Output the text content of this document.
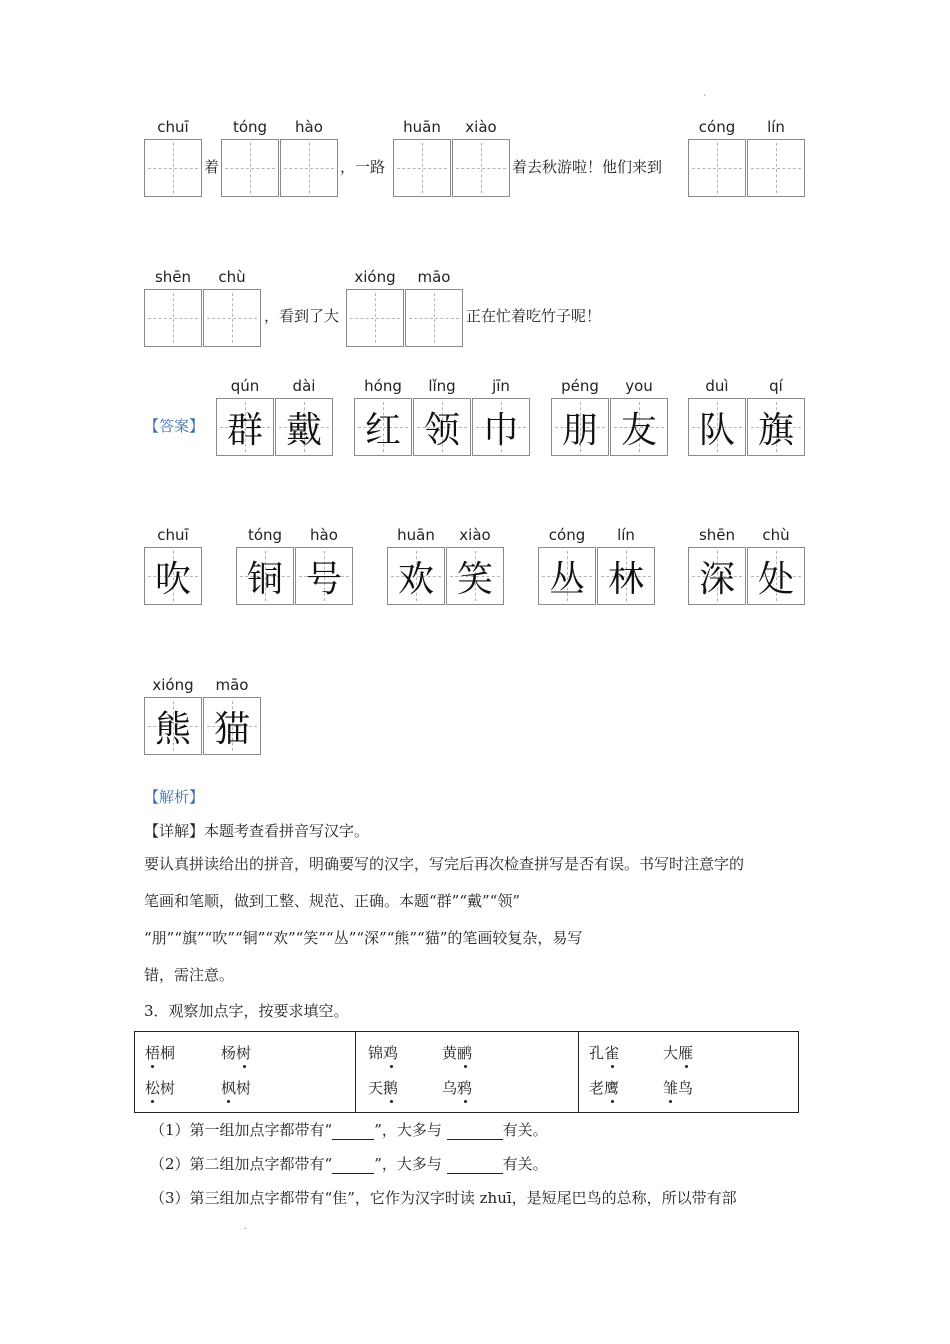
`
.
chuī
着
tóng	hào
，一路
huān	xiào
着去秋游啦！他们来到
cóng	lín
shēn	chù
，看到了大
xióng	māo
正在忙着吃竹子呢！
【答案】
qún	dài
群 戴
hóng	lǐng	jīn
红 领 巾
péng	you
朋 友
duì	qí
队 旗
chuī
吹
tóng	hào
铜 号
huān	xiào
欢 笑
cóng	lín
丛 林
shēn	chù
深 处
xióng	māo
熊 猫
【解析】
【详解】本题考查看拼音写汉字。
要认真拼读给出的拼音，明确要写的汉字，写完后再次检查拼写是否有误。书写时注意字的
笔画和笔顺，做到工整、规范、正确。本题“群”“戴”“领”
“朋”“旗”“吹”“铜”“欢”“笑”“丛”“深”“熊”“猫”的笔画较复杂，易写
错，需注意。
3．观察加点字，按要求填空。
梧桐	杨树
松树	枫树

锦鸡	黄鹂
天鹅	乌鸦

孔雀	大雁
老鹰	雏鸟
（1）第一组加点字都带有“	”，大多与	有关。
（2）第二组加点字都带有“	”，大多与	有关。
（3）第三组加点字都带有“隹”，它作为汉字时读 zhuī，是短尾巴鸟的总称，所以带有部
